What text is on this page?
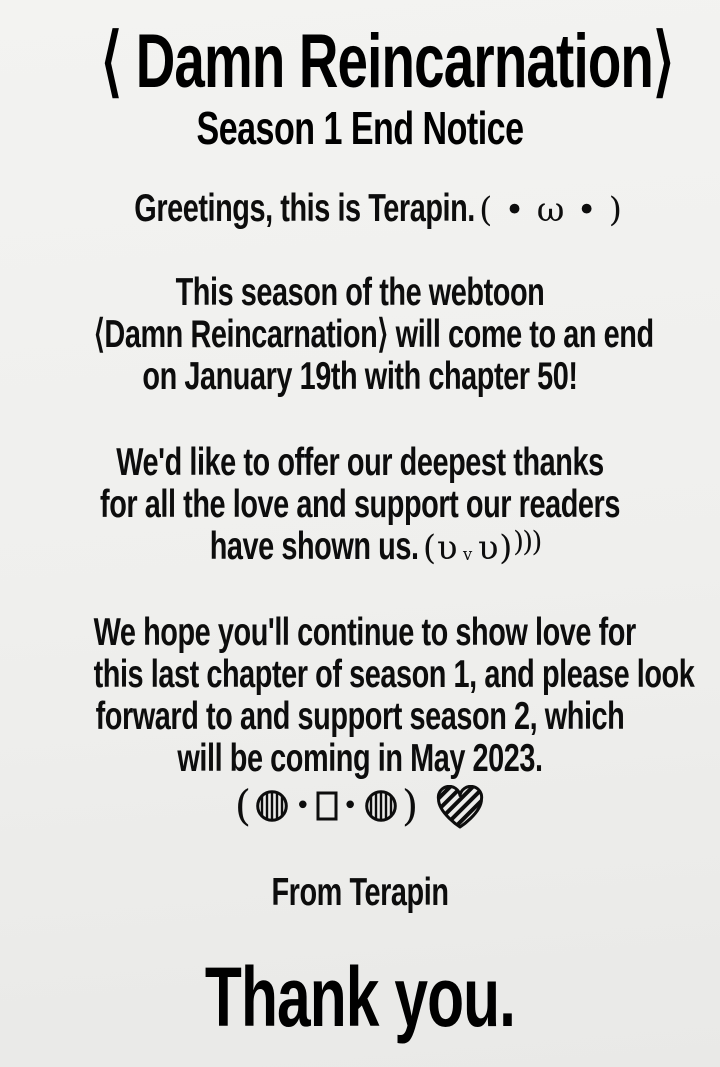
⟨ Damn Reincarnation⟩
Season 1 End Notice
Greetings, this is Terapin. ( • ω • )
This season of the webtoon
⟨Damn Reincarnation⟩ will come to an end
on January 19th with chapter 50!
We'd like to offer our deepest thanks
for all the love and support our readers
have shown us. (υ v υ))))
We hope you'll continue to show love for
this last chapter of season 1, and please look
forward to and support season 2, which
will be coming in May 2023.
( • • )
From Terapin
Thank you.
